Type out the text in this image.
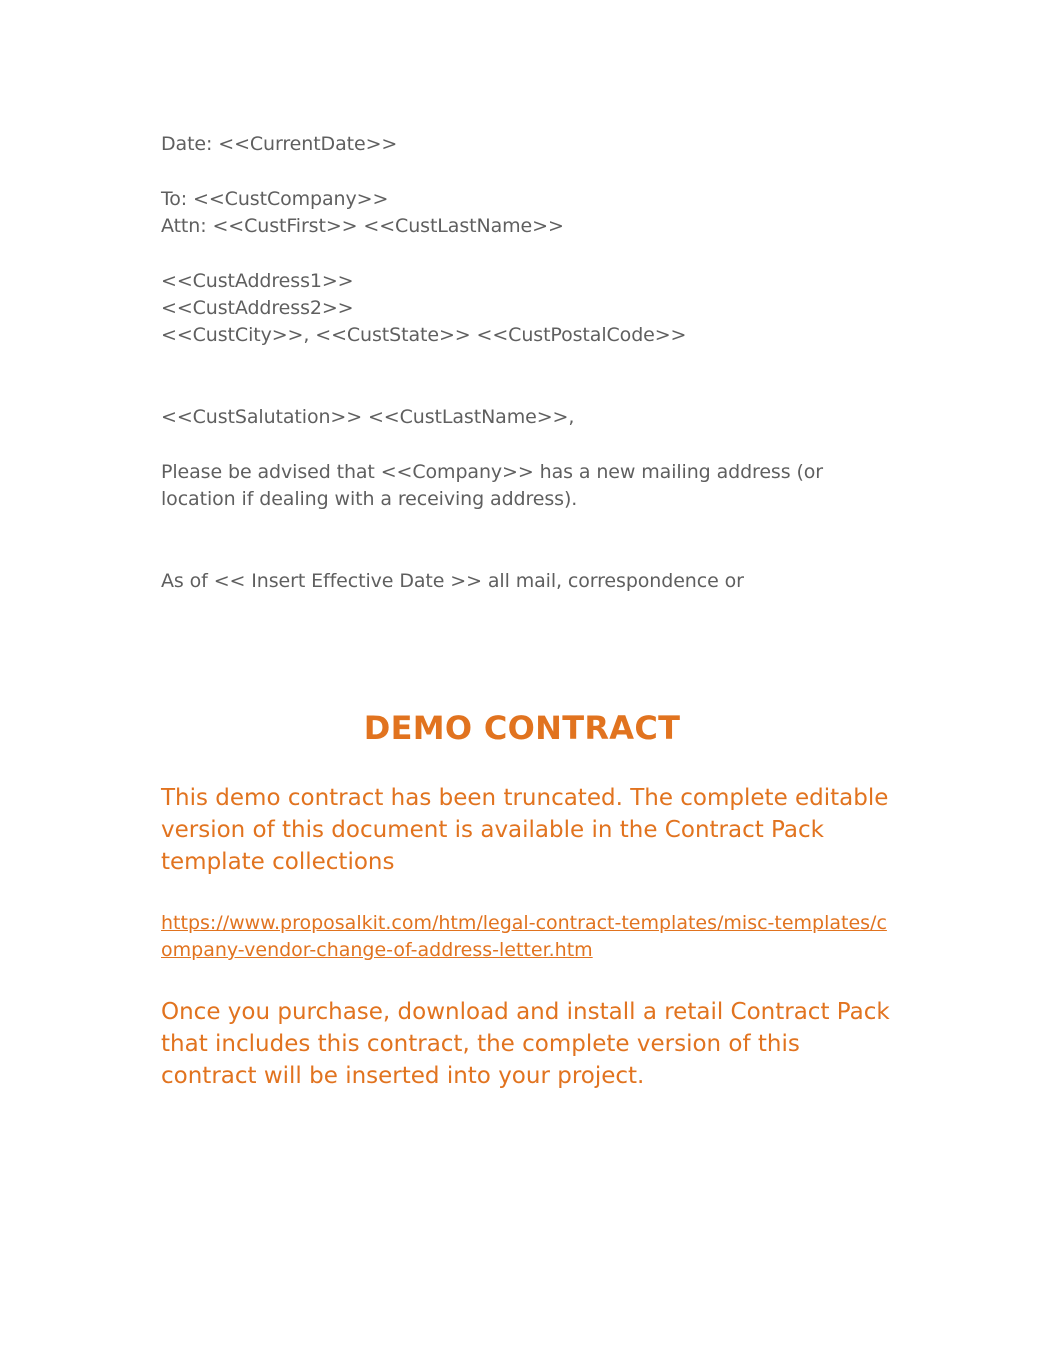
Date: <<CurrentDate>>
To: <<CustCompany>>
Attn: <<CustFirst>> <<CustLastName>>
<<CustAddress1>>
<<CustAddress2>>
<<CustCity>>, <<CustState>> <<CustPostalCode>>
<<CustSalutation>> <<CustLastName>>,
Please be advised that <<Company>> has a new mailing address (or location if dealing with a receiving address).
As of << Insert Effective Date >> all mail, correspondence or
DEMO CONTRACT
This demo contract has been truncated. The complete editable version of this document is available in the Contract Pack template collections
https://www.proposalkit.com/htm/legal-contract-templates/misc-templates/company-vendor-change-of-address-letter.htm
Once you purchase, download and install a retail Contract Pack that includes this contract, the complete version of this contract will be inserted into your project.
